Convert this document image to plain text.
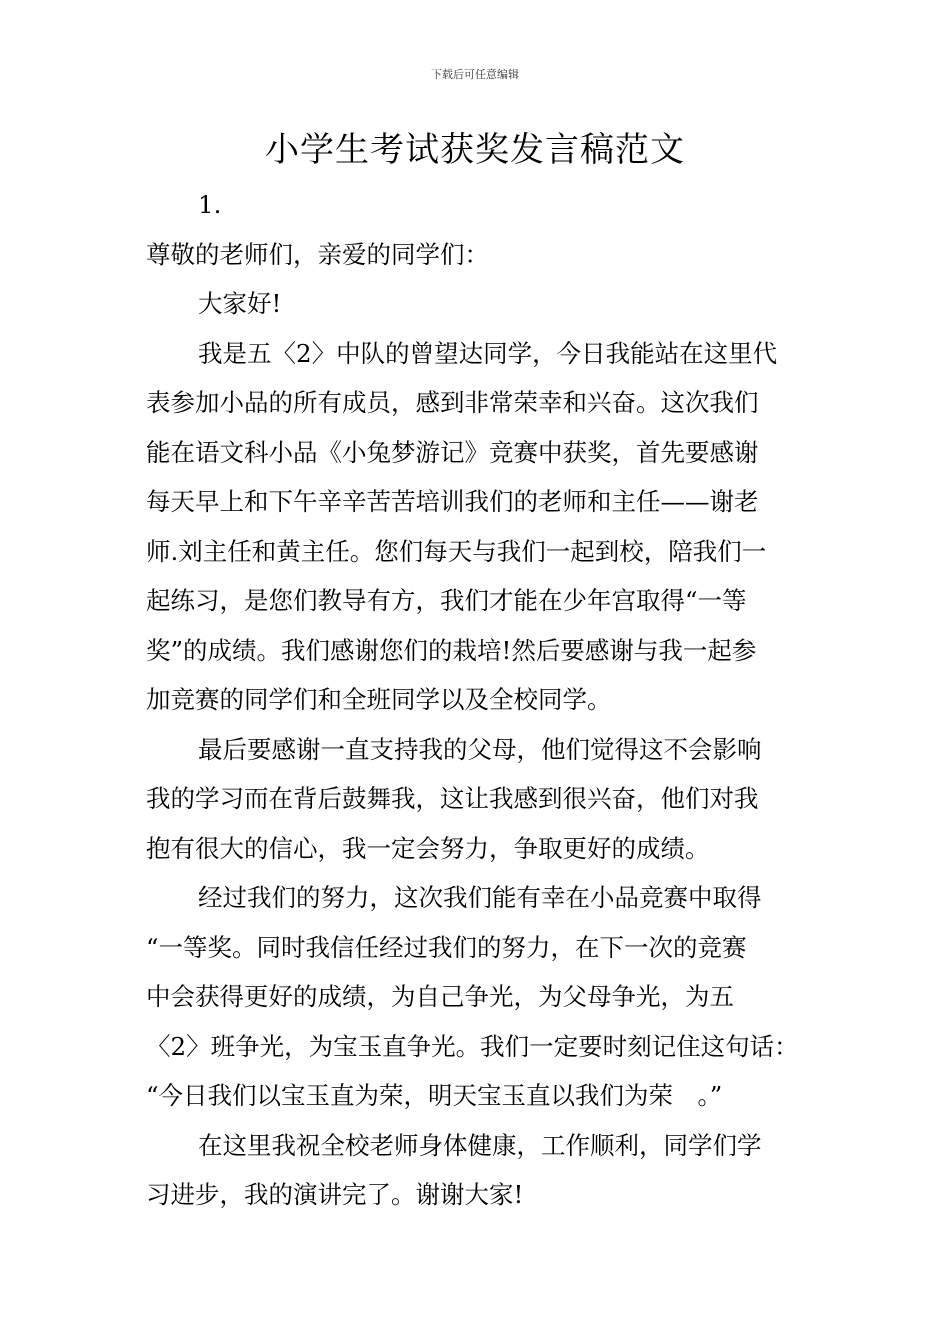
下载后可任意编辑
小学生考试获奖发言稿范文

1.

尊敬的老师们，亲爱的同学们：

大家好!

我是五〈2〉中队的曾望达同学，今日我能站在这里代
表参加小品的所有成员，感到非常荣幸和兴奋。这次我们
能在语文科小品《小兔梦游记》竞赛中获奖，首先要感谢
每天早上和下午辛辛苦苦培训我们的老师和主任——谢老
师.刘主任和黄主任。您们每天与我们一起到校，陪我们一
起练习，是您们教导有方，我们才能在少年宫取得“一等
奖”的成绩。我们感谢您们的栽培!然后要感谢与我一起参
加竞赛的同学们和全班同学以及全校同学。

最后要感谢一直支持我的父母，他们觉得这不会影响
我的学习而在背后鼓舞我，这让我感到很兴奋，他们对我
抱有很大的信心，我一定会努力，争取更好的成绩。

经过我们的努力，这次我们能有幸在小品竞赛中取得
“一等奖。同时我信任经过我们的努力，在下一次的竞赛
中会获得更好的成绩，为自己争光，为父母争光，为五
〈2〉班争光，为宝玉直争光。我们一定要时刻记住这句话：
“今日我们以宝玉直为荣，明天宝玉直以我们为荣　。”

在这里我祝全校老师身体健康，工作顺利，同学们学
习进步，我的演讲完了。谢谢大家!
